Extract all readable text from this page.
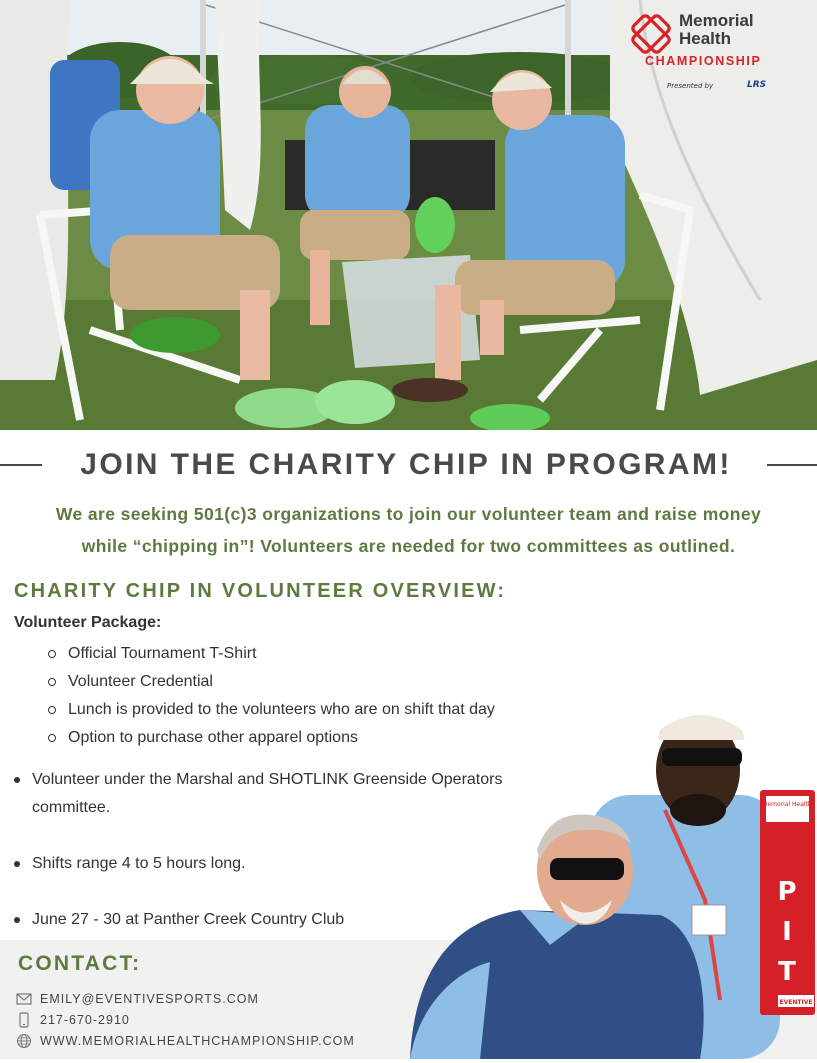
Memorial
Health
CHAMPIONSHIP
Presented by	LRS
JOIN THE CHARITY CHIP IN PROGRAM!
We are seeking 501(c)3 organizations to join our volunteer team and raise money
while “chipping in”! Volunteers are needed for two committees as outlined.
CHARITY CHIP IN VOLUNTEER OVERVIEW:
Volunteer Package:
Official Tournament T-Shirt
Volunteer Credential
Lunch is provided to the volunteers who are on shift that day
Option to purchase other apparel options
Volunteer under the Marshal and SHOTLINK Greenside Operators committee.
Shifts range 4 to 5 hours long.
June 27 - 30 at Panther Creek Country Club
CONTACT:
EMILY@EVENTIVESPORTS.COM
217-670-2910
WWW.MEMORIALHEALTHCHAMPIONSHIP.COM
Memorial Health
P
I
T
EVENTIVE
